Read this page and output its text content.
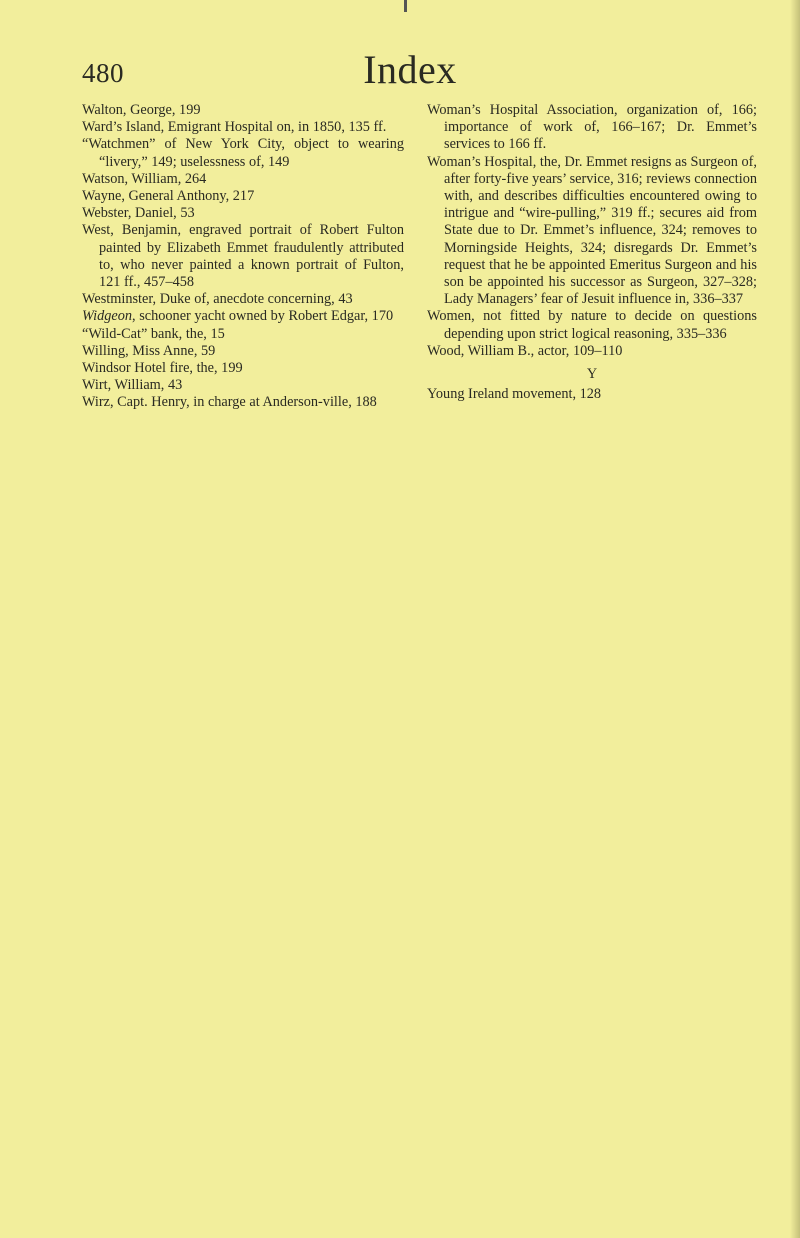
480	Index

Walton, George, 199

Ward’s Island, Emigrant Hospital on, in 1850, 135 ff.

“Watchmen” of New York City, object to wearing “livery,” 149; uselessness of, 149

Watson, William, 264

Wayne, General Anthony, 217

Webster, Daniel, 53

West, Benjamin, engraved portrait of Robert Fulton painted by Elizabeth Emmet fraudulently attributed to, who never painted a known portrait of Fulton, 121 ff., 457–458

Westminster, Duke of, anecdote concerning, 43

Widgeon, schooner yacht owned by Robert Edgar, 170

“Wild-Cat” bank, the, 15

Willing, Miss Anne, 59

Windsor Hotel fire, the, 199

Wirt, William, 43

Wirz, Capt. Henry, in charge at Anderson-ville, 188

Woman’s Hospital Association, organization of, 166; importance of work of, 166–167; Dr. Emmet’s services to 166 ff.

Woman’s Hospital, the, Dr. Emmet resigns as Surgeon of, after forty-five years’ service, 316; reviews connection with, and describes difficulties encountered owing to intrigue and “wire-pulling,” 319 ff.; secures aid from State due to Dr. Emmet’s influence, 324; removes to Morningside Heights, 324; disregards Dr. Emmet’s request that he be appointed Emeritus Surgeon and his son be appointed his successor as Surgeon, 327–328; Lady Managers’ fear of Jesuit influence in, 336–337

Women, not fitted by nature to decide on questions depending upon strict logical reasoning, 335–336

Wood, William B., actor, 109–110

Y

Young Ireland movement, 128
